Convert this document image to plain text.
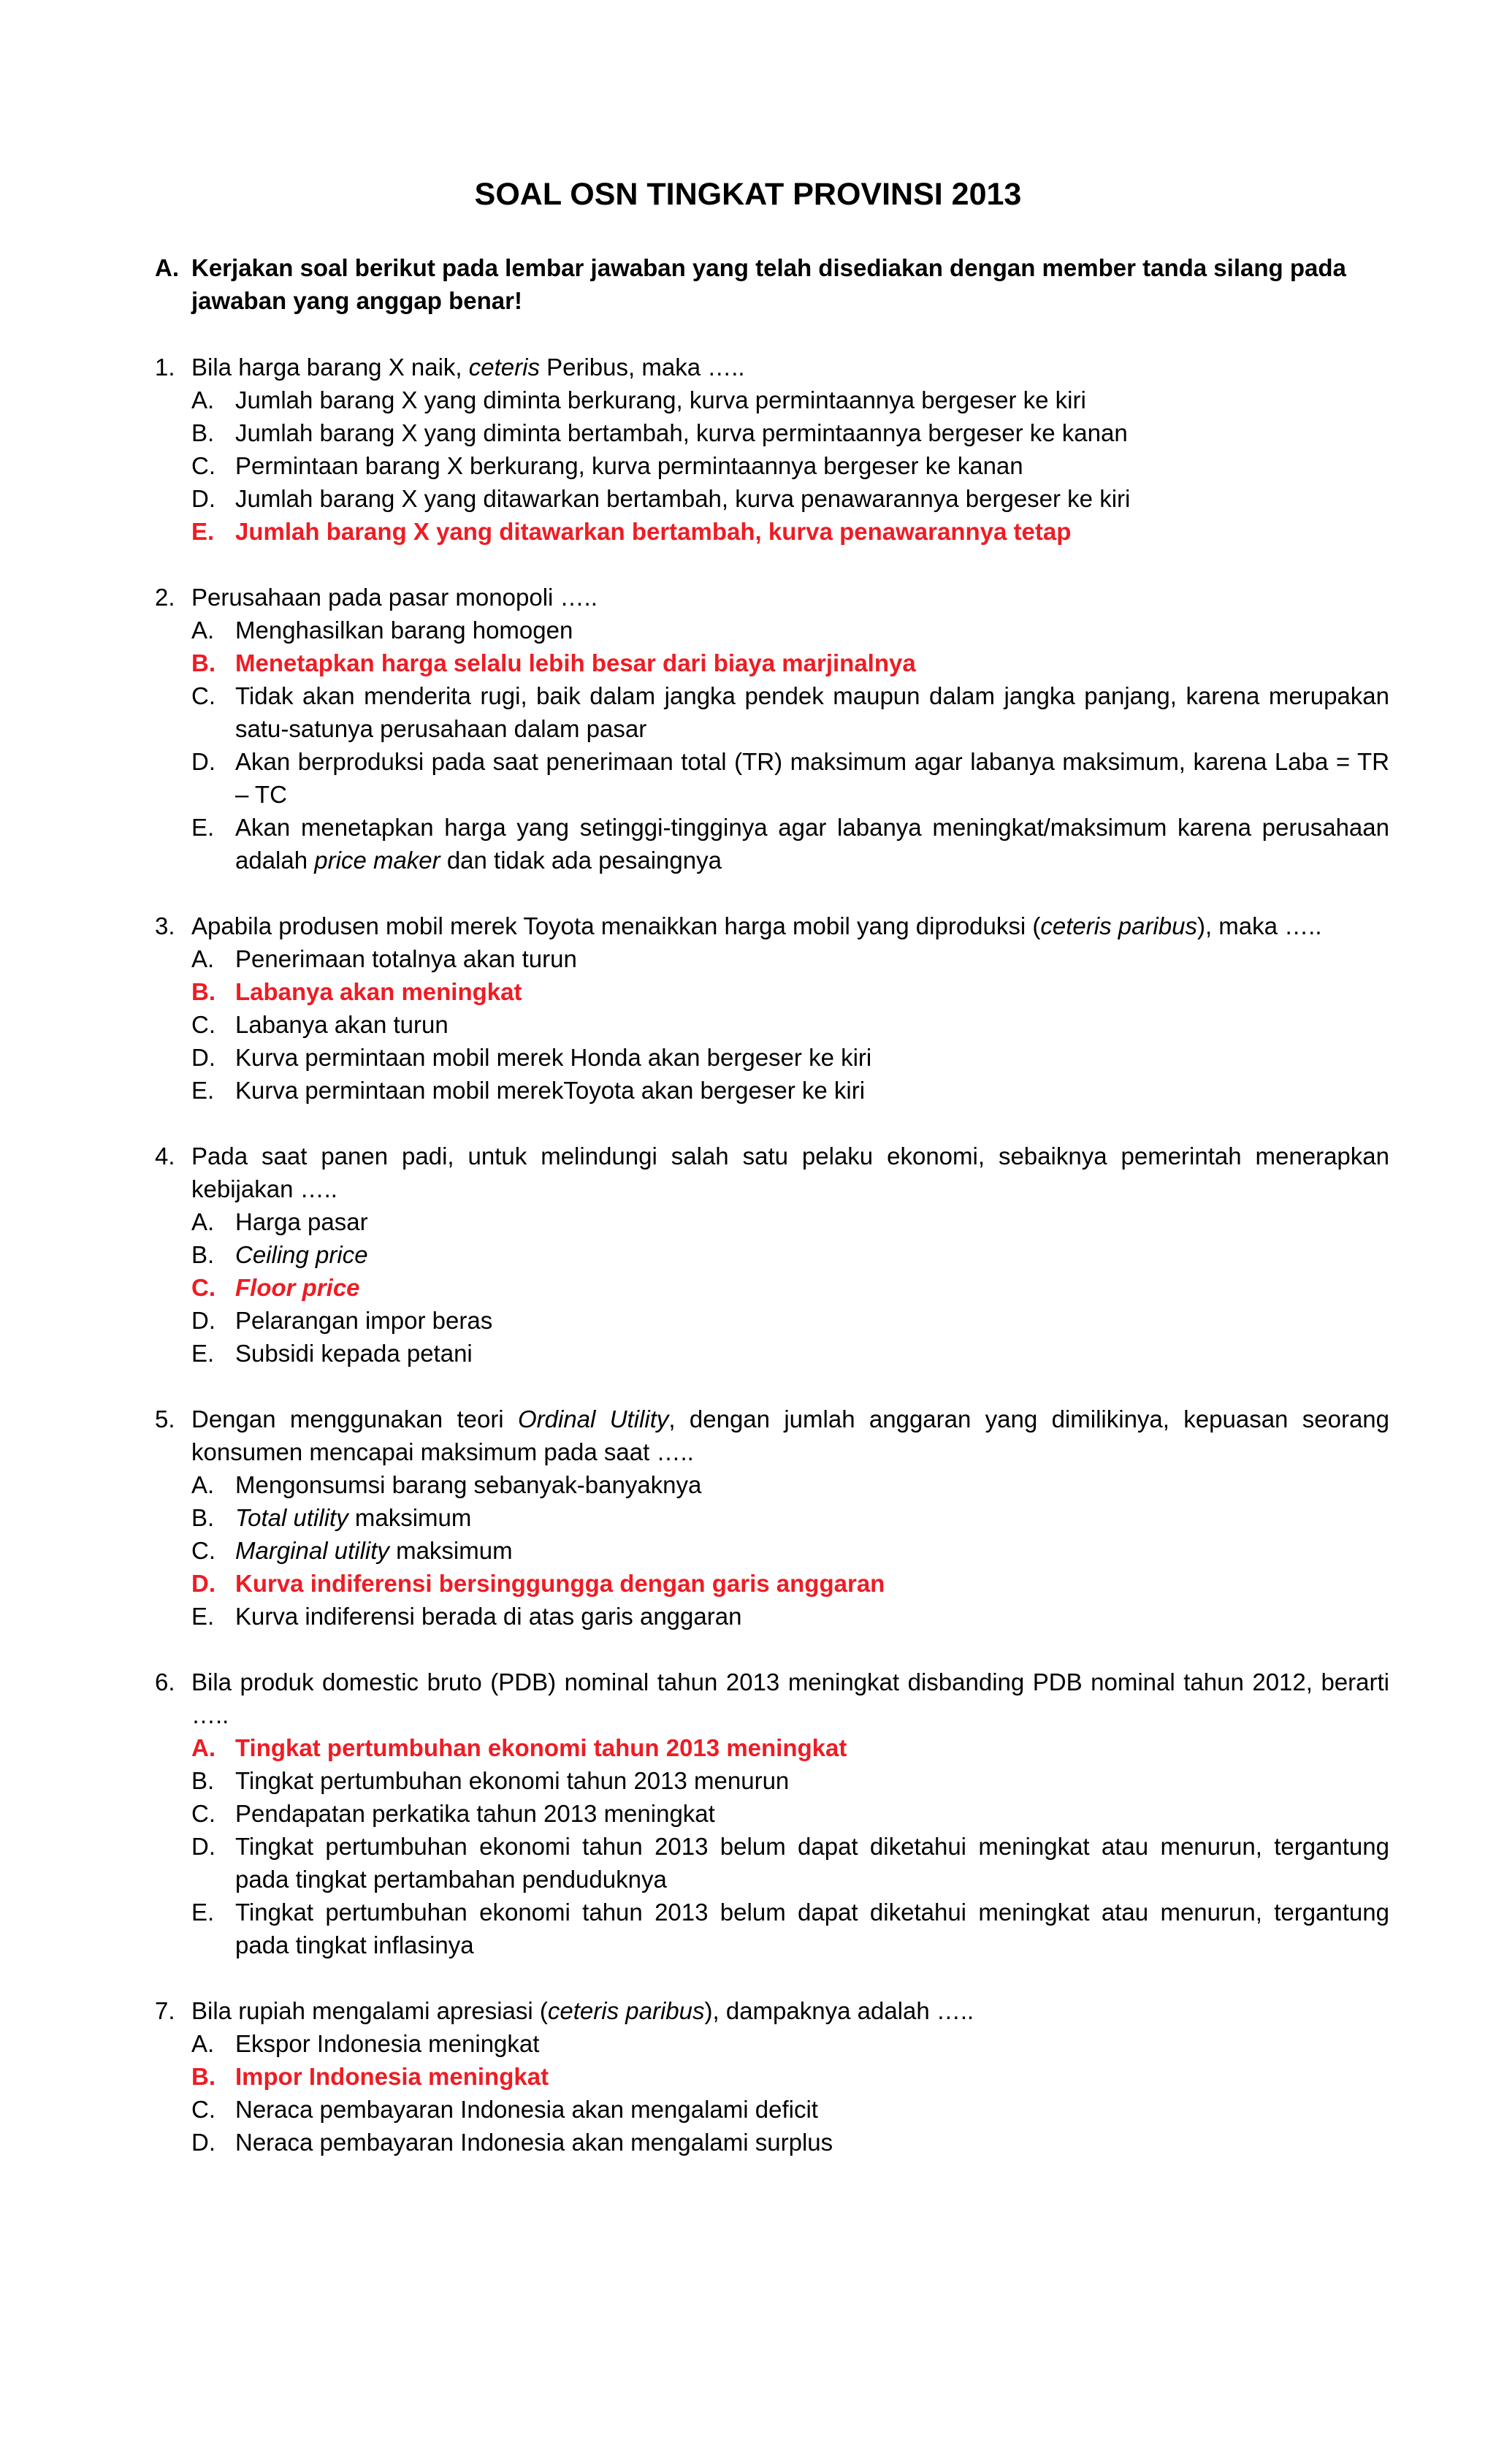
SOAL OSN TINGKAT PROVINSI 2013
A. Kerjakan soal berikut pada lembar jawaban yang telah disediakan dengan member tanda silang pada jawaban yang anggap benar!
1. Bila harga barang X naik, ceteris Peribus, maka …..
A. Jumlah barang X yang diminta berkurang, kurva permintaannya bergeser ke kiri
B. Jumlah barang X yang diminta bertambah, kurva permintaannya bergeser ke kanan
C. Permintaan barang X berkurang, kurva permintaannya bergeser ke kanan
D. Jumlah barang X yang ditawarkan bertambah, kurva penawarannya bergeser ke kiri
E. Jumlah barang X yang ditawarkan bertambah, kurva penawarannya tetap
2. Perusahaan pada pasar monopoli …..
A. Menghasilkan barang homogen
B. Menetapkan harga selalu lebih besar dari biaya marjinalnya
C. Tidak akan menderita rugi, baik dalam jangka pendek maupun dalam jangka panjang, karena merupakan satu-satunya perusahaan dalam pasar
D. Akan berproduksi pada saat penerimaan total (TR) maksimum agar labanya maksimum, karena Laba = TR – TC
E. Akan menetapkan harga yang setinggi-tingginya agar labanya meningkat/maksimum karena perusahaan adalah price maker dan tidak ada pesaingnya
3. Apabila produsen mobil merek Toyota menaikkan harga mobil yang diproduksi (ceteris paribus), maka …..
A. Penerimaan totalnya akan turun
B. Labanya akan meningkat
C. Labanya akan turun
D. Kurva permintaan mobil merek Honda akan bergeser ke kiri
E. Kurva permintaan mobil merekToyota akan bergeser ke kiri
4. Pada saat panen padi, untuk melindungi salah satu pelaku ekonomi, sebaiknya pemerintah menerapkan kebijakan …..
A. Harga pasar
B. Ceiling price
C. Floor price
D. Pelarangan impor beras
E. Subsidi kepada petani
5. Dengan menggunakan teori Ordinal Utility, dengan jumlah anggaran yang dimilikinya, kepuasan seorang konsumen mencapai maksimum pada saat …..
A. Mengonsumsi barang sebanyak-banyaknya
B. Total utility maksimum
C. Marginal utility maksimum
D. Kurva indiferensi bersinggungga dengan garis anggaran
E. Kurva indiferensi berada di atas garis anggaran
6. Bila produk domestic bruto (PDB) nominal tahun 2013 meningkat disbanding PDB nominal tahun 2012, berarti …..
A. Tingkat pertumbuhan ekonomi tahun 2013 meningkat
B. Tingkat pertumbuhan ekonomi tahun 2013 menurun
C. Pendapatan perkatika tahun 2013 meningkat
D. Tingkat pertumbuhan ekonomi tahun 2013 belum dapat diketahui meningkat atau menurun, tergantung pada tingkat pertambahan penduduknya
E. Tingkat pertumbuhan ekonomi tahun 2013 belum dapat diketahui meningkat atau menurun, tergantung pada tingkat inflasinya
7. Bila rupiah mengalami apresiasi (ceteris paribus), dampaknya adalah …..
A. Ekspor Indonesia meningkat
B. Impor Indonesia meningkat
C. Neraca pembayaran Indonesia akan mengalami deficit
D. Neraca pembayaran Indonesia akan mengalami surplus
